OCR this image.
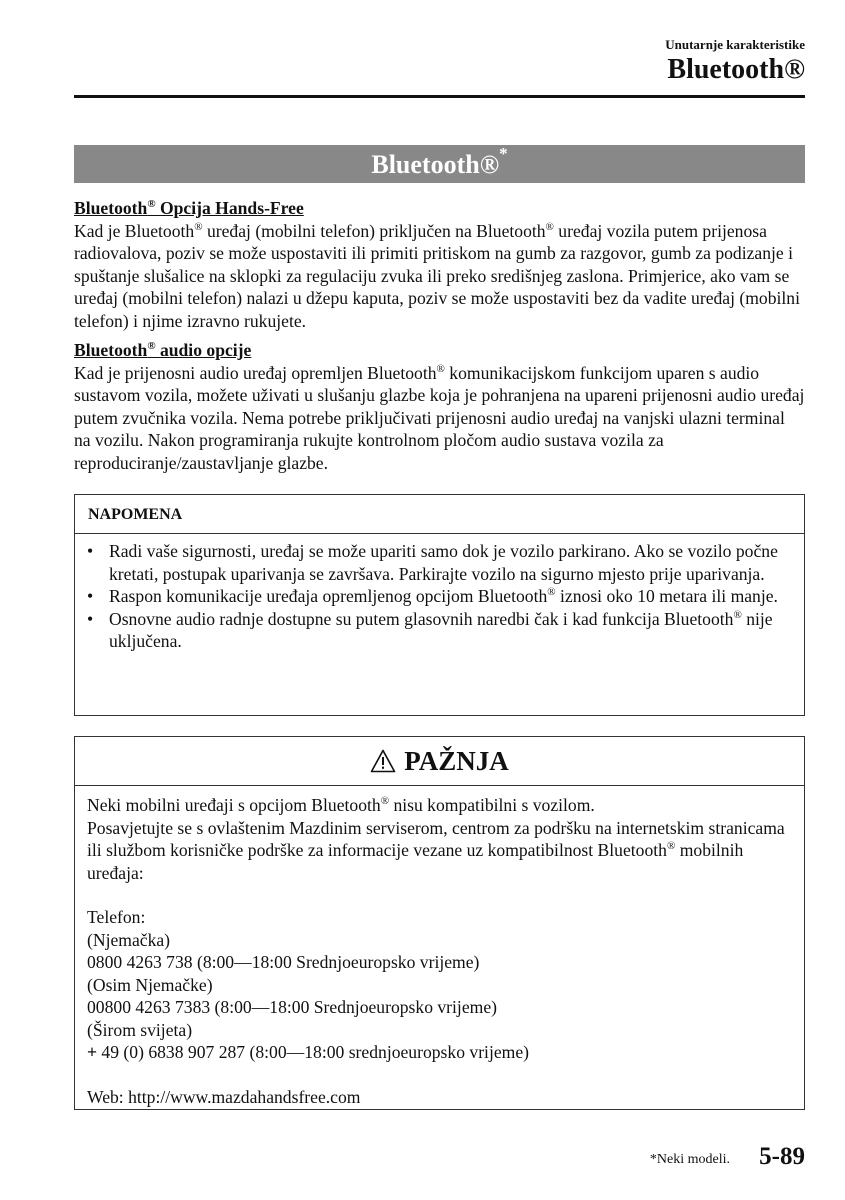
Unutarnje karakteristike
Bluetooth®
Bluetooth®*

Bluetooth® Opcija Hands-Free

Kad je Bluetooth® uređaj (mobilni telefon) priključen na Bluetooth® uređaj vozila putem prijenosa radiovalova, poziv se može uspostaviti ili primiti pritiskom na gumb za razgovor, gumb za podizanje i spuštanje slušalice na sklopki za regulaciju zvuka ili preko središnjeg zaslona. Primjerice, ako vam se uređaj (mobilni telefon) nalazi u džepu kaputa, poziv se može uspostaviti bez da vadite uređaj (mobilni telefon) i njime izravno rukujete.

Bluetooth® audio opcije

Kad je prijenosni audio uređaj opremljen Bluetooth® komunikacijskom funkcijom uparen s audio sustavom vozila, možete uživati u slušanju glazbe koja je pohranjena na upareni prijenosni audio uređaj putem zvučnika vozila. Nema potrebe priključivati prijenosni audio uređaj na vanjski ulazni terminal na vozilu. Nakon programiranja rukujte kontrolnom pločom audio sustava vozila za reproduciranje/zaustavljanje glazbe.

NAPOMENA
• Radi vaše sigurnosti, uređaj se može upariti samo dok je vozilo parkirano. Ako se vozilo počne kretati, postupak uparivanja se završava. Parkirajte vozilo na sigurno mjesto prije uparivanja.
• Raspon komunikacije uređaja opremljenog opcijom Bluetooth® iznosi oko 10 metara ili manje.
• Osnovne audio radnje dostupne su putem glasovnih naredbi čak i kad funkcija Bluetooth® nije uključena.
PAŽNJA

Neki mobilni uređaji s opcijom Bluetooth® nisu kompatibilni s vozilom.

Posavjetujte se s ovlaštenim Mazdinim serviserom, centrom za podršku na internetskim stranicama ili službom korisničke podrške za informacije vezane uz kompatibilnost Bluetooth® mobilnih uređaja:

Telefon:

(Njemačka)

0800 4263 738 (8:00—18:00 Srednjoeuropsko vrijeme)

(Osim Njemačke)

00800 4263 7383 (8:00—18:00 Srednjoeuropsko vrijeme)

(Širom svijeta)

+ 49 (0) 6838 907 287 (8:00—18:00 srednjoeuropsko vrijeme)

Web: http://www.mazdahandsfree.com

*Neki modeli.	5-89
